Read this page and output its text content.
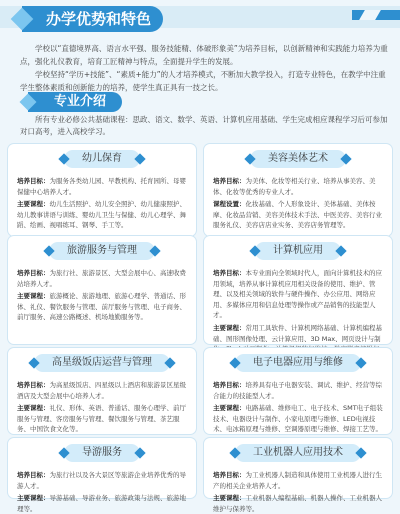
办学优势和特色

学校以“直德境界高、语言水平强、服务技能精、体破形象美”为培养目标，以创新精神和实践能力培养为重点，强化礼仪教育，培育工匠精神与特点，全面提升学生的发展。

学校坚持“学历+技能”、“素质+能力”的人才培养模式，不断加大教学投入，打造专业特色，在教学中注重学生整体素质和创新能力的培养，使学生真正具有一技之长。

专业介绍

所有专业必修公共基础课程：思政、语文、数学、英语、计算机应用基础、学生完成相应课程学习后可参加对口高考，进入高校学习。

幼儿保育

培养目标：为服务各类幼儿园、早教机构、托育园所、母婴保健中心培养人才。

主要课程：幼儿生活照护、幼儿安全照护、幼儿健康照护、幼儿教事讲语与训练、婴幼儿卫生与保健、幼儿心理学、舞蹈、绘画、视唱练耳、钢琴、手工等。

美容美体艺术

培养目标：为美体、化妆等相关行业、培养从事美容、美体、化妆等优秀的专业人才。

课程设置：化妆基础、个人形象设计、美体基础、美体按摩、化妆品营销、美容美体技术手法、中医美容、美容行业服务礼仪、美容店店业实务、美容店务管理等。

旅游服务与管理

培养目标：为旅行社、旅游景区、大型会展中心、高速收费站培养人才。

主要课程：旅游概论、旅游地理、旅游心理学、普通话、形体、礼仪、餐饮服务与管理、前厅服务与管理、电子商务、前厅服务、高速公路概述、机场地勤服务等。

计算机应用

培养目标：本专业面向全领域时代人，面向计算机技术的应用领域，培养从事计算机应用相关设备的使用、维护、管理、以及相关领域的软件与硬件操作、办公应用、网络应用、多媒体应用和信息处理等操作或产品销售的技能型人才。

主要课程：常用工具软件、计算机网络基础、计算机编程基础、图形图像处理、云计算应用、3D Max、网页设计与制

高星级饭店运营与管理

培养目标：为高星级饭店、四星级以上酒店和旅游景区星级酒店及大型会展中心培养人才。

主要课程：礼仪、形体、英语、普通话、服务心理学、前厅服务与管理、客房服务与管理、餐饮服务与管理、茶艺服务、中国饮食文化等。

电子电器应用与维修

培养目标：培养具有电子电器安装、调试、维护、经营等综合能力的技能型人才。

主要课程：电路基础、维修电工、电子技术、SMT电子组装技术、电器设计与制作、小家电原理与维修、LED电视技术、电冰箱原理与维修、空调器原理与维修、焊接工艺等。

导游服务

培养目标：为旅行社以及各大景区等旅游企业培养优秀的导游人才。

主要课程：导游基础、导游业务、旅游政策与法规、旅游地理等。

工业机器人应用技术

培养目标：为工业机器人制造和具体使用工业机器人进行生产的相关企业培养人才。

主要课程：工业机器人编程基础、机器人操作、工业机器人维护与保养等。
